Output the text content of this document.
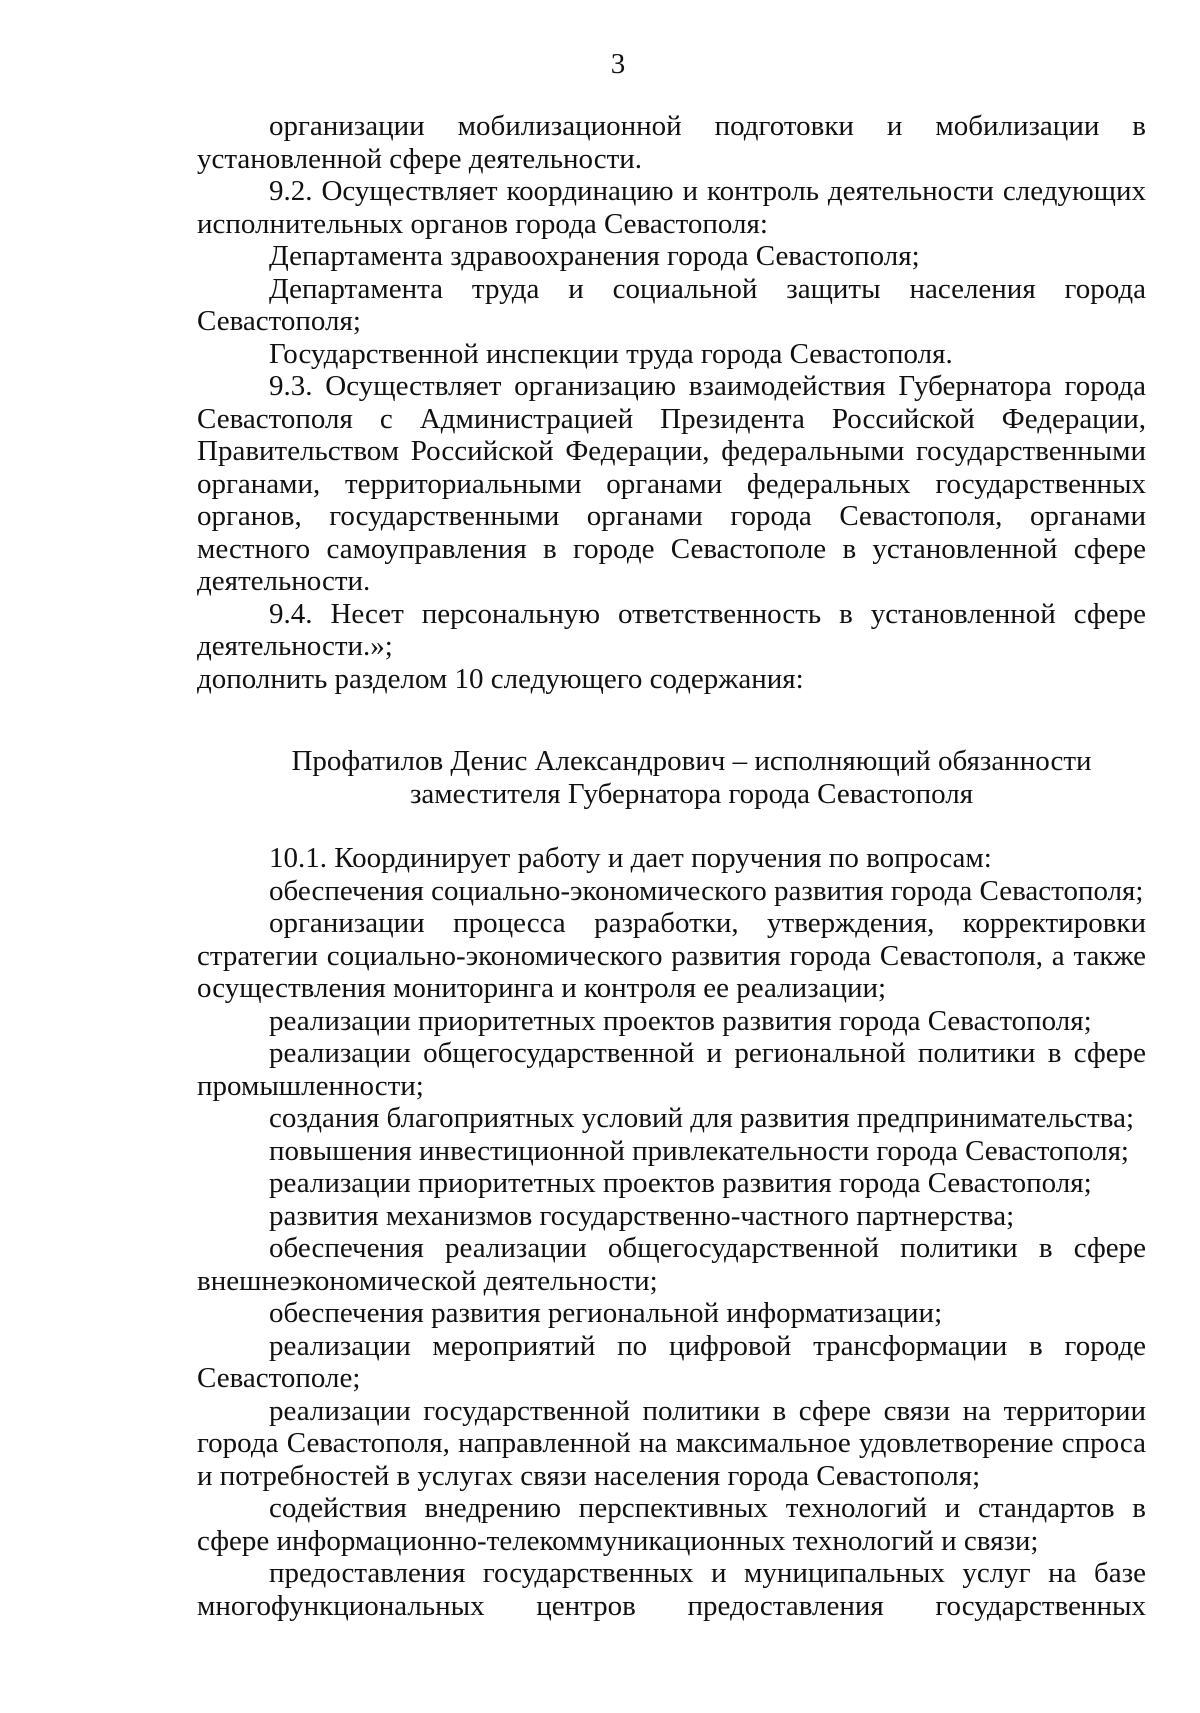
3

организации мобилизационной подготовки и мобилизации в установленной сфере деятельности.

9.2. Осуществляет координацию и контроль деятельности следующих исполнительных органов города Севастополя:

Департамента здравоохранения города Севастополя;

Департамента труда и социальной защиты населения города Севастополя;

Государственной инспекции труда города Севастополя.

9.3. Осуществляет организацию взаимодействия Губернатора города Севастополя с Администрацией Президента Российской Федерации, Правительством Российской Федерации, федеральными государственными органами, территориальными органами федеральных государственных органов, государственными органами города Севастополя, органами местного самоуправления в городе Севастополе в установленной сфере деятельности.

9.4. Несет персональную ответственность в установленной сфере деятельности.»;

дополнить разделом 10 следующего содержания:

Профатилов Денис Александрович – исполняющий обязанности
заместителя Губернатора города Севастополя

10.1. Координирует работу и дает поручения по вопросам:

обеспечения социально-экономического развития города Севастополя;

организации процесса разработки, утверждения, корректировки стратегии социально-экономического развития города Севастополя, а также осуществления мониторинга и контроля ее реализации;

реализации приоритетных проектов развития города Севастополя;

реализации общегосударственной и региональной политики в сфере промышленности;

создания благоприятных условий для развития предпринимательства;

повышения инвестиционной привлекательности города Севастополя;

реализации приоритетных проектов развития города Севастополя;

развития механизмов государственно-частного партнерства;

обеспечения реализации общегосударственной политики в сфере внешнеэкономической деятельности;

обеспечения развития региональной информатизации;

реализации мероприятий по цифровой трансформации в городе Севастополе;

реализации государственной политики в сфере связи на территории города Севастополя, направленной на максимальное удовлетворение спроса и потребностей в услугах связи населения города Севастополя;

содействия внедрению перспективных технологий и стандартов в сфере информационно-телекоммуникационных технологий и связи;

предоставления государственных и муниципальных услуг на базе многофункциональных центров предоставления государственных
